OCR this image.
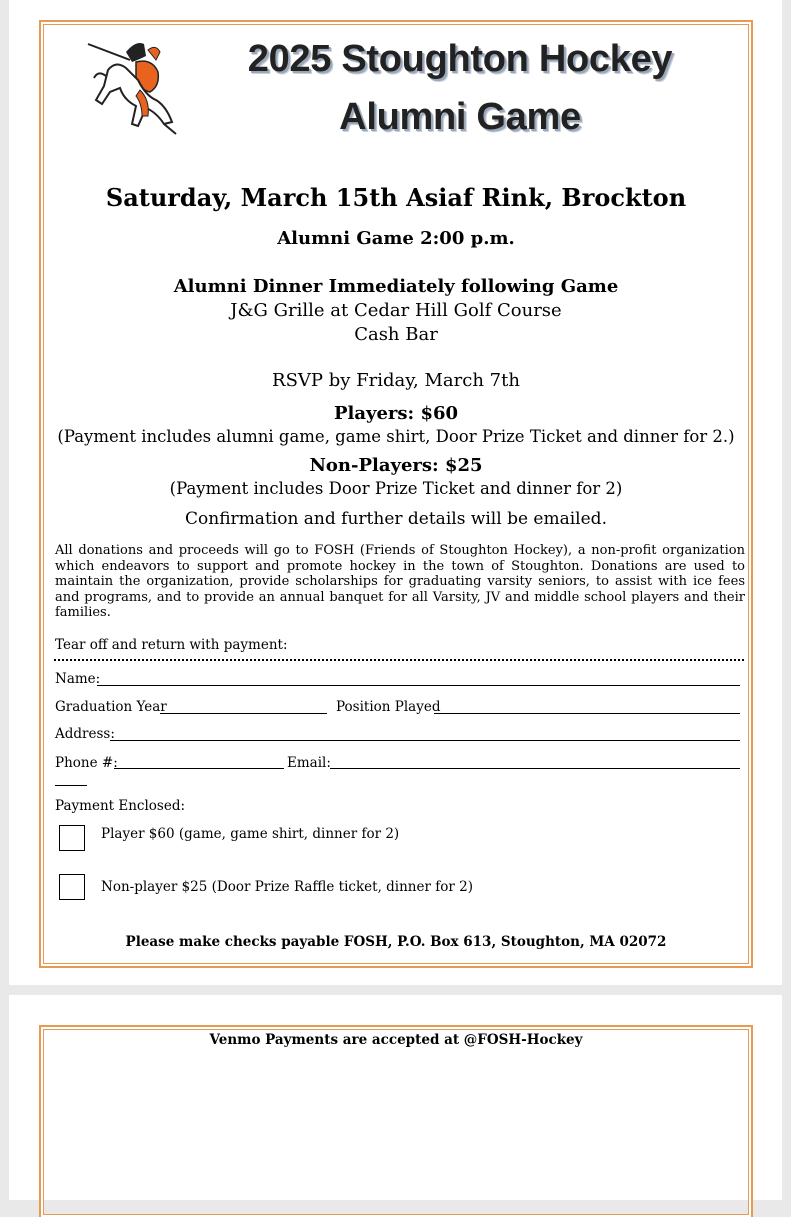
2025 Stoughton Hockey
Alumni Game
Saturday, March 15th Asiaf Rink, Brockton
Alumni Game 2:00 p.m.
Alumni Dinner Immediately following Game
J&G Grille at Cedar Hill Golf Course
Cash Bar
RSVP by Friday, March 7th
Players: $60
(Payment includes alumni game, game shirt, Door Prize Ticket and dinner for 2.)
Non-Players: $25
(Payment includes Door Prize Ticket and dinner for 2)
Confirmation and further details will be emailed.
All donations and proceeds will go to FOSH (Friends of Stoughton Hockey), a non-profit organization which endeavors to support and promote hockey in the town of Stoughton. Donations are used to maintain the organization, provide scholarships for graduating varsity seniors, to assist with ice fees and programs, and to provide an annual banquet for all Varsity, JV and middle school players and their families.
Tear off and return with payment:
Name:
Graduation Year	Position Played
Address:
Phone #:	Email:
Payment Enclosed:
Player $60 (game, game shirt, dinner for 2)
Non-player $25 (Door Prize Raffle ticket, dinner for 2)
Please make checks payable FOSH, P.O. Box 613, Stoughton, MA 02072
Venmo Payments are accepted at @FOSH-Hockey
